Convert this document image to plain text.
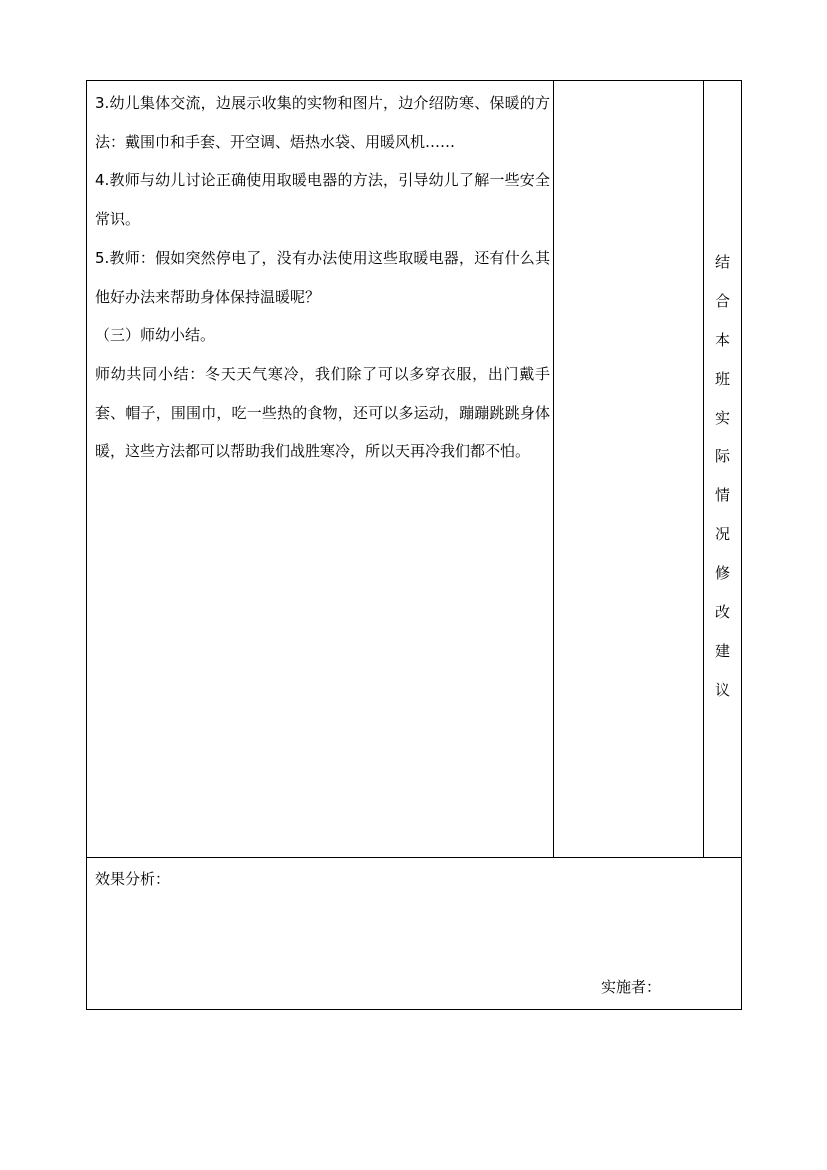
3.幼儿集体交流，边展示收集的实物和图片，边介绍防寒、保暖的方法：戴围巾和手套、开空调、焐热水袋、用暖风机……
4.教师与幼儿讨论正确使用取暖电器的方法，引导幼儿了解一些安全常识。
5.教师：假如突然停电了，没有办法使用这些取暖电器，还有什么其他好办法来帮助身体保持温暖呢？
（三）师幼小结。
师幼共同小结：冬天天气寒冷，我们除了可以多穿衣服，出门戴手套、帽子，围围巾，吃一些热的食物，还可以多运动，蹦蹦跳跳身体暖，这些方法都可以帮助我们战胜寒冷，所以天再冷我们都不怕。
结
合
本
班
实
际
情
况
修
改
建
议
效果分析：
实施者：
